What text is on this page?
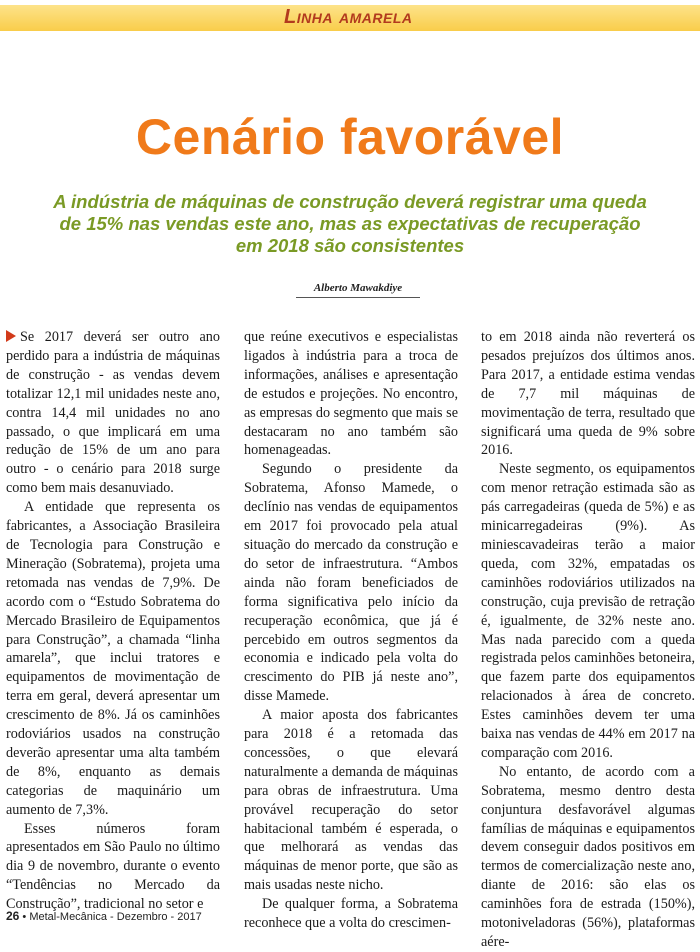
Linha amarela
Cenário favorável
A indústria de máquinas de construção deverá registrar uma queda de 15% nas vendas este ano, mas as expectativas de recuperação em 2018 são consistentes
Alberto Mawakdiye

Se 2017 deverá ser outro ano perdido para a indústria de máquinas de construção - as vendas devem totalizar 12,1 mil unidades neste ano, contra 14,4 mil unidades no ano passado, o que implicará em uma redução de 15% de um ano para outro - o cenário para 2018 surge como bem mais desanuviado.

A entidade que representa os fabricantes, a Associação Brasileira de Tecnologia para Construção e Mineração (Sobratema), projeta uma retomada nas vendas de 7,9%. De acordo com o “Estudo Sobratema do Mercado Brasileiro de Equipamentos para Construção”, a chamada “linha amarela”, que inclui tratores e equipamentos de movimentação de terra em geral, deverá apresentar um crescimento de 8%. Já os caminhões rodoviários usados na construção deverão apresentar uma alta também de 8%, enquanto as demais categorias de maquinário um aumento de 7,3%.

Esses números foram apresentados em São Paulo no último dia 9 de novembro, durante o evento “Tendências no Mercado da Construção”, tradicional no setor e

que reúne executivos e especialistas ligados à indústria para a troca de informações, análises e apresentação de estudos e projeções. No encontro, as empresas do segmento que mais se destacaram no ano também são homenageadas.

Segundo o presidente da Sobratema, Afonso Mamede, o declínio nas vendas de equipamentos em 2017 foi provocado pela atual situação do mercado da construção e do setor de infraestrutura. “Ambos ainda não foram beneficiados de forma significativa pelo início da recuperação econômica, que já é percebido em outros segmentos da economia e indicado pela volta do crescimento do PIB já neste ano”, disse Mamede.

A maior aposta dos fabricantes para 2018 é a retomada das concessões, o que elevará naturalmente a demanda de máquinas para obras de infraestrutura. Uma provável recuperação do setor habitacional também é esperada, o que melhorará as vendas das máquinas de menor porte, que são as mais usadas neste nicho.

De qualquer forma, a Sobratema reconhece que a volta do crescimen-

to em 2018 ainda não reverterá os pesados prejuízos dos últimos anos. Para 2017, a entidade estima vendas de 7,7 mil máquinas de movimentação de terra, resultado que significará uma queda de 9% sobre 2016.

Neste segmento, os equipamentos com menor retração estimada são as pás carregadeiras (queda de 5%) e as minicarregadeiras (9%). As miniescavadeiras terão a maior queda, com 32%, empatadas os caminhões rodoviários utilizados na construção, cuja previsão de retração é, igualmente, de 32% neste ano. Mas nada parecido com a queda registrada pelos caminhões betoneira, que fazem parte dos equipamentos relacionados à área de concreto. Estes caminhões devem ter uma baixa nas vendas de 44% em 2017 na comparação com 2016.

No entanto, de acordo com a Sobratema, mesmo dentro desta conjuntura desfavorável algumas famílias de máquinas e equipamentos devem conseguir dados positivos em termos de comercialização neste ano, diante de 2016: são elas os caminhões fora de estrada (150%), motoniveladoras (56%), plataformas aére-

26 • Metal-Mecânica - Dezembro - 2017
